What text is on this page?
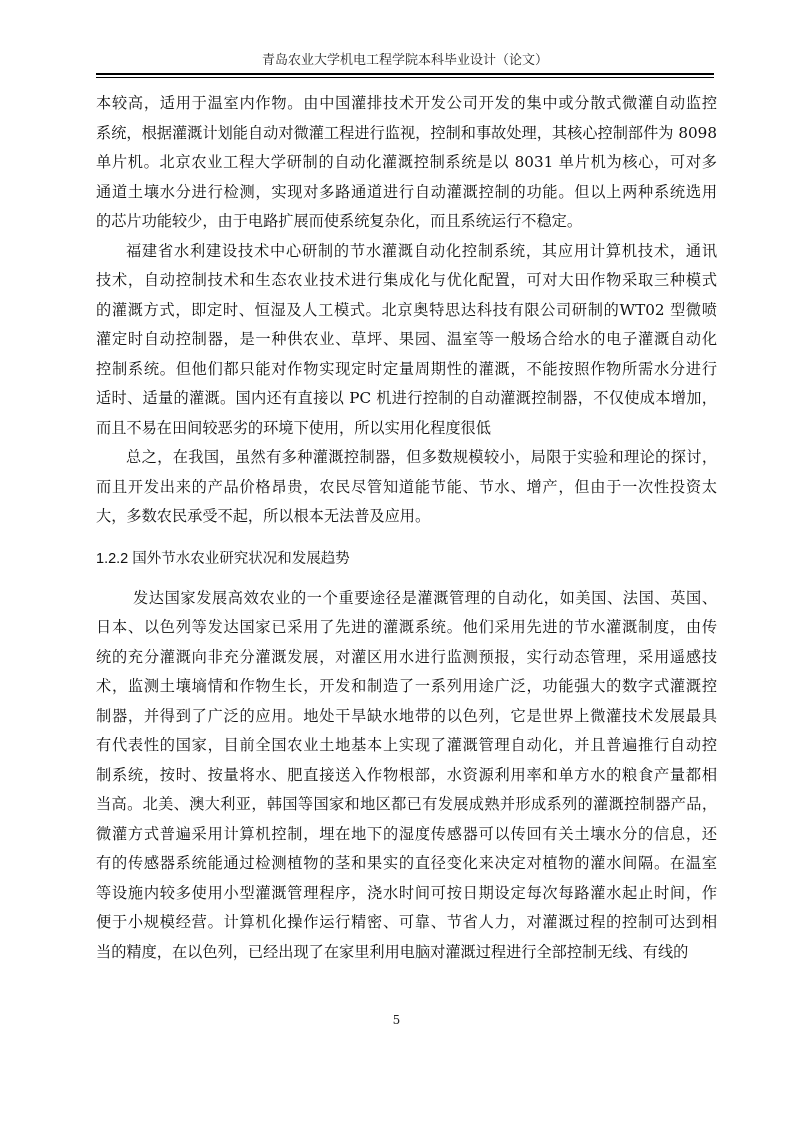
青岛农业大学机电工程学院本科毕业设计（论文）
本较高，适用于温室内作物。由中国灌排技术开发公司开发的集中或分散式微灌自动监控
系统，根据灌溉计划能自动对微灌工程进行监视，控制和事故处理，其核心控制部件为 8098
单片机。北京农业工程大学研制的自动化灌溉控制系统是以 8031 单片机为核心，可对多
通道土壤水分进行检测，实现对多路通道进行自动灌溉控制的功能。但以上两种系统选用
的芯片功能较少，由于电路扩展而使系统复杂化，而且系统运行不稳定。
福建省水利建设技术中心研制的节水灌溉自动化控制系统，其应用计算机技术，通讯
技术，自动控制技术和生态农业技术进行集成化与优化配置，可对大田作物采取三种模式
的灌溉方式，即定时、恒湿及人工模式。北京奥特思达科技有限公司研制的WT02 型微喷
灌定时自动控制器，是一种供农业、草坪、果园、温室等一般场合给水的电子灌溉自动化
控制系统。但他们都只能对作物实现定时定量周期性的灌溉，不能按照作物所需水分进行
适时、适量的灌溉。国内还有直接以 PC 机进行控制的自动灌溉控制器，不仅使成本增加，
而且不易在田间较恶劣的环境下使用，所以实用化程度很低
总之，在我国，虽然有多种灌溉控制器，但多数规模较小，局限于实验和理论的探讨，
而且开发出来的产品价格昂贵，农民尽管知道能节能、节水、增产，但由于一次性投资太
大，多数农民承受不起，所以根本无法普及应用。
1.2.2 国外节水农业研究状况和发展趋势
发达国家发展高效农业的一个重要途径是灌溉管理的自动化，如美国、法国、英国、
日本、以色列等发达国家已采用了先进的灌溉系统。他们采用先进的节水灌溉制度，由传
统的充分灌溉向非充分灌溉发展，对灌区用水进行监测预报，实行动态管理，采用遥感技
术，监测土壤墒情和作物生长，开发和制造了一系列用途广泛，功能强大的数字式灌溉控
制器，并得到了广泛的应用。地处干旱缺水地带的以色列，它是世界上微灌技术发展最具
有代表性的国家，目前全国农业土地基本上实现了灌溉管理自动化，并且普遍推行自动控
制系统，按时、按量将水、肥直接送入作物根部，水资源利用率和单方水的粮食产量都相
当高。北美、澳大利亚，韩国等国家和地区都已有发展成熟并形成系列的灌溉控制器产品，
微灌方式普遍采用计算机控制，埋在地下的湿度传感器可以传回有关土壤水分的信息，还
有的传感器系统能通过检测植物的茎和果实的直径变化来决定对植物的灌水间隔。在温室
等设施内较多使用小型灌溉管理程序，浇水时间可按日期设定每次每路灌水起止时间，作
便于小规模经营。计算机化操作运行精密、可靠、节省人力，对灌溉过程的控制可达到相
当的精度，在以色列，已经出现了在家里利用电脑对灌溉过程进行全部控制无线、有线的
5
